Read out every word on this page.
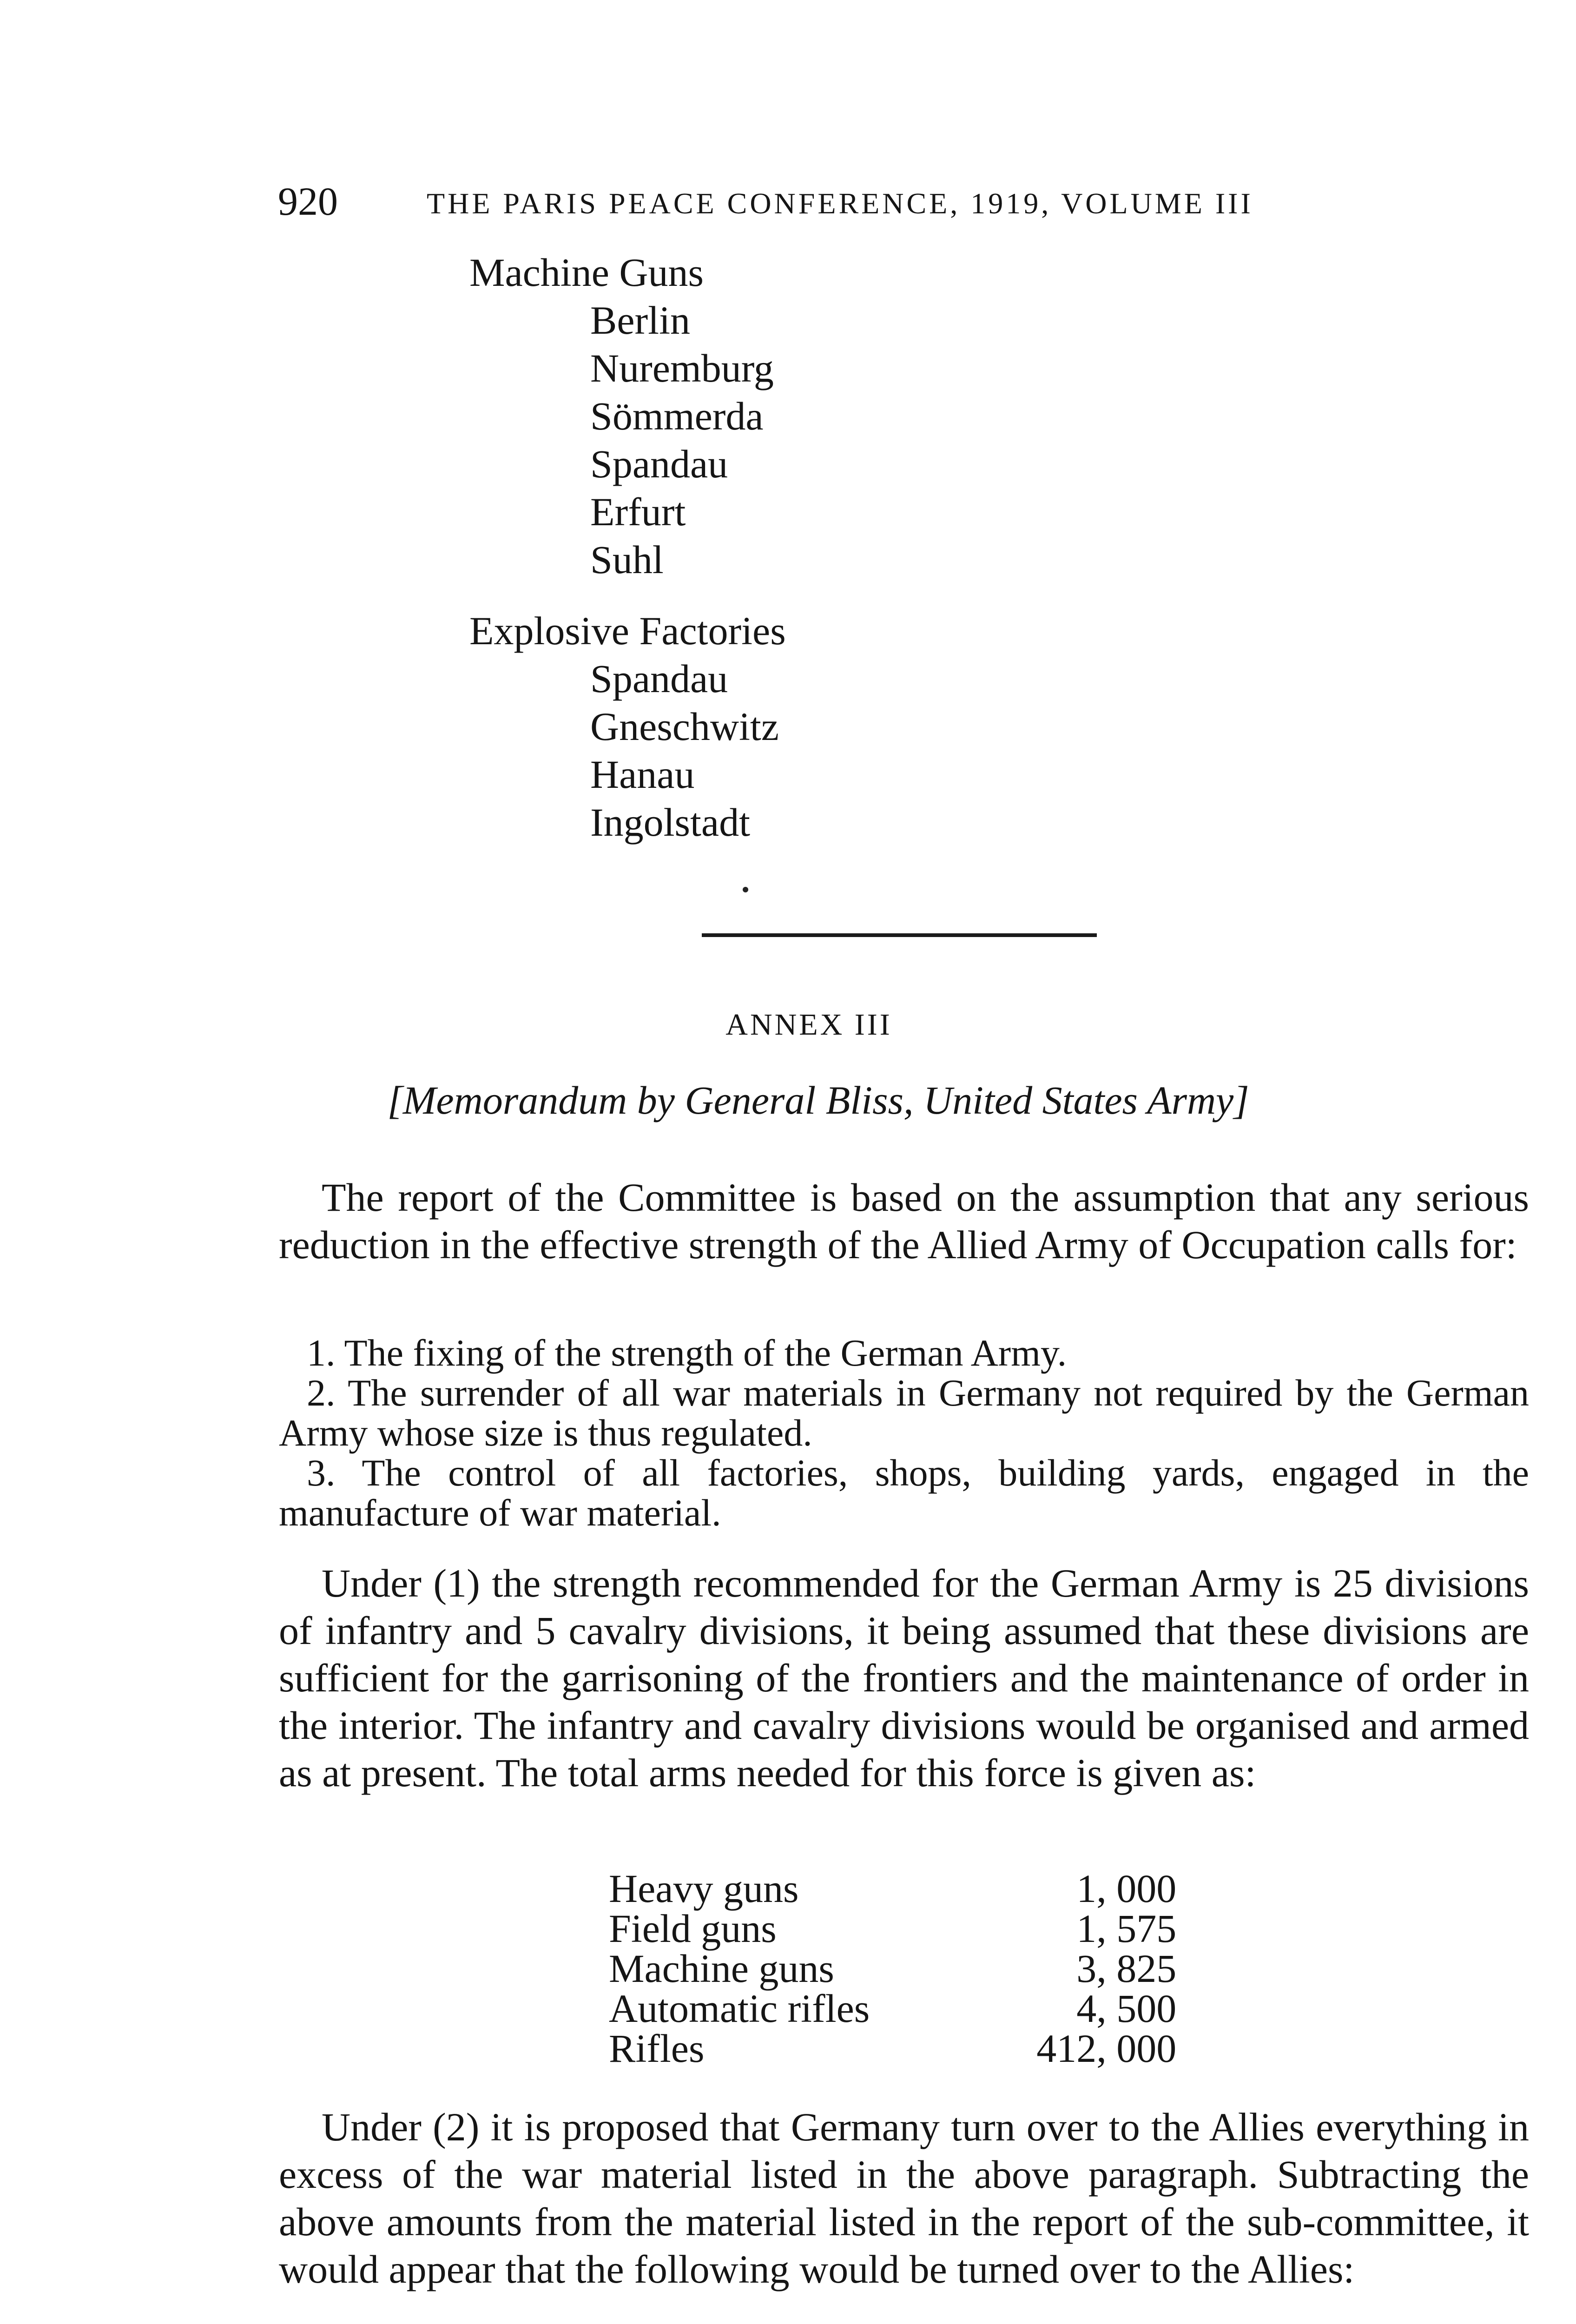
920	THE PARIS PEACE CONFERENCE, 1919, VOLUME III

Machine Guns

Berlin
Nuremburg
Sömmerda
Spandau
Erfurt
Suhl

Explosive Factories

Spandau
Gneschwitz
Hanau
Ingolstadt
ANNEX III
[Memorandum by General Bliss, United States Army]

The report of the Committee is based on the assumption that any serious reduction in the effective strength of the Allied Army of Occupation calls for:

1. The fixing of the strength of the German Army.

2. The surrender of all war materials in Germany not required by the German Army whose size is thus regulated.

3. The control of all factories, shops, building yards, engaged in the manufacture of war material.

Under (1) the strength recommended for the German Army is 25 divisions of infantry and 5 cavalry divisions, it being assumed that these divisions are sufficient for the garrisoning of the frontiers and the maintenance of order in the interior. The infantry and cavalry divisions would be organised and armed as at present. The total arms needed for this force is given as:

Heavy guns	1, 000
Field guns	1, 575
Machine guns	3, 825
Automatic rifles	4, 500
Rifles	412, 000

Under (2) it is proposed that Germany turn over to the Allies everything in excess of the war material listed in the above paragraph. Subtracting the above amounts from the material listed in the report of the sub-committee, it would appear that the following would be turned over to the Allies:
